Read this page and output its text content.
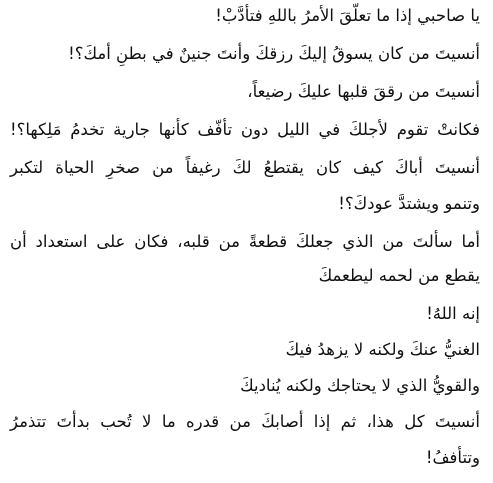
يا صاحبي إذا ما تعلّقَ الأمرُ باللهِ فتأدَّبْ!
أنسيتَ من كان يسوقُ إليكَ رزقكَ وأنتَ جنينٌ في بطنِ أمكَ؟!
أنسيتَ من رققَ قلبها عليكَ رضيعاً،
فكانتْ تقوم لأجلكَ في الليل دون تأفّف كأنها جارية تخدمُ مَلِكها؟!
أنسيتَ أباكَ كيف كان يقتطعُ لكَ رغيفاً من صخرِ الحياة لتكبر
وتنمو ويشتدَّ عودكَ؟!
أما سألتَ من الذي جعلكَ قطعةً من قلبه، فكان على استعداد أن
يقطع من لحمه ليطعمكَ
إنه اللهُ!
الغنيُّ عنكَ ولكنه لا يزهدُ فيكَ
والقويُّ الذي لا يحتاجك ولكنه يُناديكَ
أنسيتَ كل هذا، ثم إذا أصابكَ من قدره ما لا تُحب بدأتَ تتذمرُ
وتتأففُ!
